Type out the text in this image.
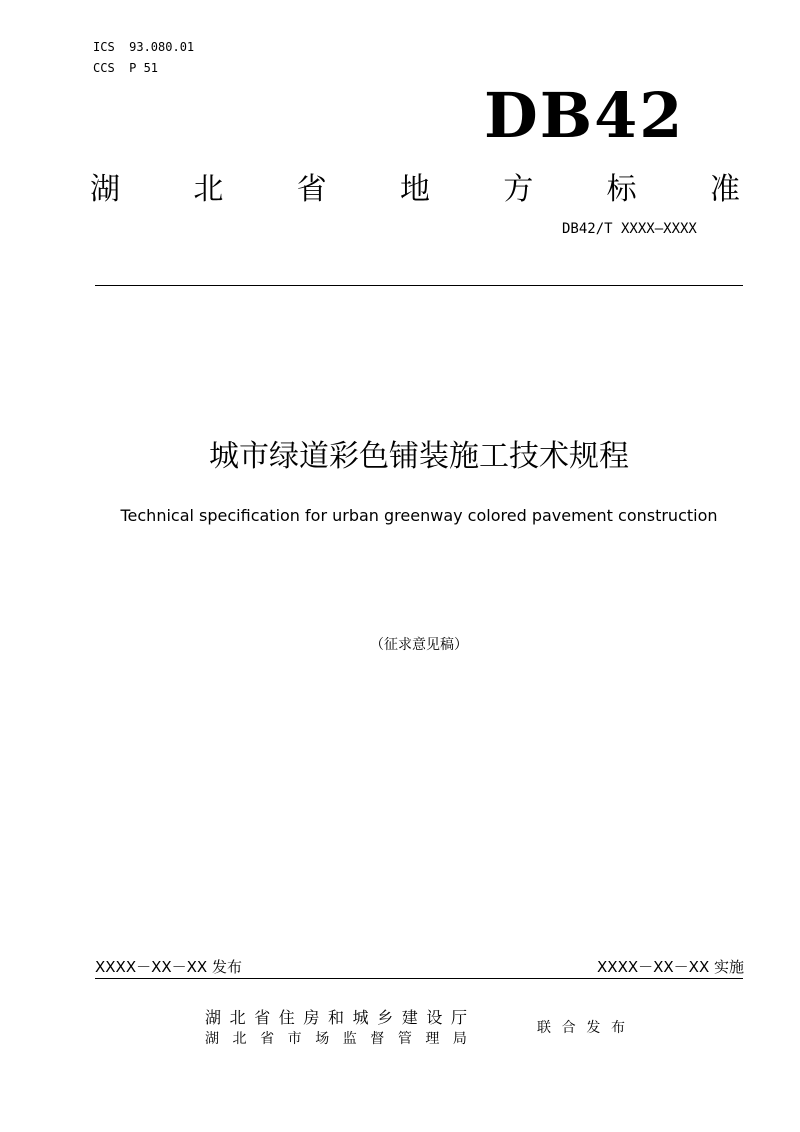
ICS  93.080.01
CCS  P 51
DB42
湖 北 省 地 方 标 准
DB42/T XXXX—XXXX
城市绿道彩色铺装施工技术规程
Technical specification for urban greenway colored pavement construction
（征求意见稿）
XXXX－XX－XX 发布	XXXX－XX－XX 实施
湖 北 省 住 房 和 城 乡 建 设 厅
湖 北 省 市 场 监 督 管 理 局
联 合 发 布
